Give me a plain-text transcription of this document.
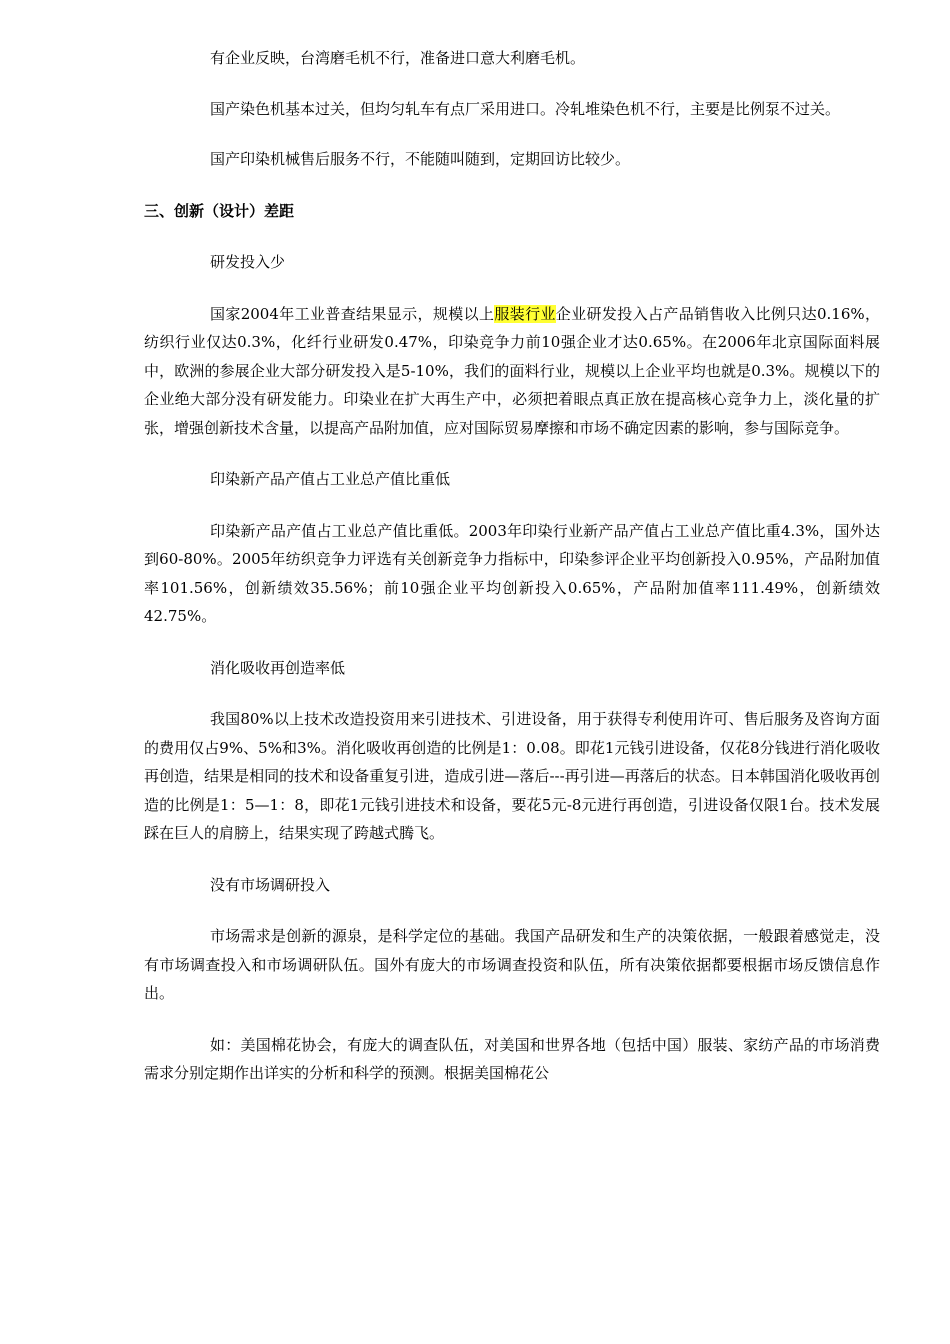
有企业反映，台湾磨毛机不行，准备进口意大利磨毛机。

国产染色机基本过关，但均匀轧车有点厂采用进口。冷轧堆染色机不行，主要是比例泵不过关。

国产印染机械售后服务不行，不能随叫随到，定期回访比较少。

三、创新（设计）差距

研发投入少

国家2004年工业普查结果显示，规模以上服装行业企业研发投入占产品销售收入比例只达0.16%，纺织行业仅达0.3%，化纤行业研发0.47%，印染竞争力前10强企业才达0.65%。在2006年北京国际面料展中，欧洲的参展企业大部分研发投入是5-10%，我们的面料行业，规模以上企业平均也就是0.3%。规模以下的企业绝大部分没有研发能力。印染业在扩大再生产中，必须把着眼点真正放在提高核心竞争力上，淡化量的扩张，增强创新技术含量，以提高产品附加值，应对国际贸易摩擦和市场不确定因素的影响，参与国际竞争。

印染新产品产值占工业总产值比重低

印染新产品产值占工业总产值比重低。2003年印染行业新产品产值占工业总产值比重4.3%，国外达到60-80%。2005年纺织竞争力评选有关创新竞争力指标中，印染参评企业平均创新投入0.95%，产品附加值率101.56%，创新绩效35.56%；前10强企业平均创新投入0.65%，产品附加值率111.49%，创新绩效42.75%。

消化吸收再创造率低

我国80%以上技术改造投资用来引进技术、引进设备，用于获得专利使用许可、售后服务及咨询方面的费用仅占9%、5%和3%。消化吸收再创造的比例是1：0.08。即花1元钱引进设备，仅花8分钱进行消化吸收再创造，结果是相同的技术和设备重复引进，造成引进—落后---再引进—再落后的状态。日本韩国消化吸收再创造的比例是1：5—1：8，即花1元钱引进技术和设备，要花5元-8元进行再创造，引进设备仅限1台。技术发展踩在巨人的肩膀上，结果实现了跨越式腾飞。

没有市场调研投入

市场需求是创新的源泉，是科学定位的基础。我国产品研发和生产的决策依据，一般跟着感觉走，没有市场调查投入和市场调研队伍。国外有庞大的市场调查投资和队伍，所有决策依据都要根据市场反馈信息作出。

如：美国棉花协会，有庞大的调查队伍，对美国和世界各地（包括中国）服装、家纺产品的市场消费需求分别定期作出详实的分析和科学的预测。根据美国棉花公
